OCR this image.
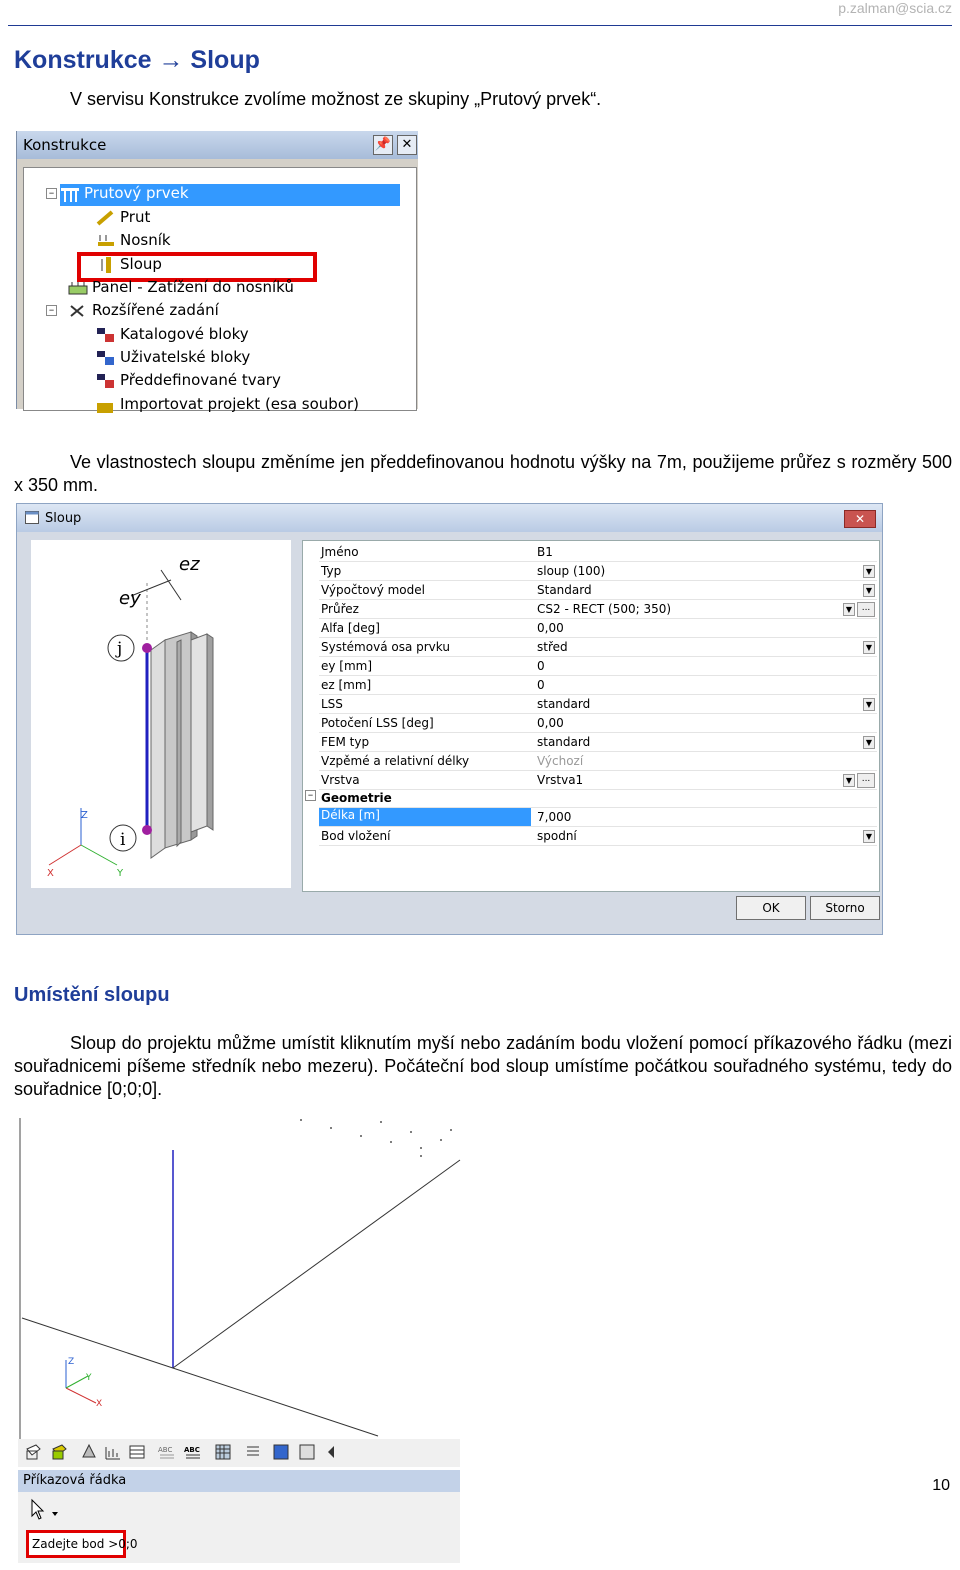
p.zalman@scia.cz
Konstrukce → Sloup
V servisu Konstrukce zvolíme možnost ze skupiny „Prutový prvek“.
Konstrukce	📌 ✕
−	Prutový prvek
Prut
Nosník
Sloup
Panel - Zatížení do nosníků
−	Rozšířené zadání
Katalogové bloky
Uživatelské bloky
Předdefinované tvary
Importovat projekt (esa soubor)
Ve vlastnostech sloupu změníme jen předdefinovanou hodnotu výšky na 7m, použijeme průřez s rozměry 500 x 350 mm.
Sloup	✕
ez
ey
j
i
Z
X	Y
Jméno	B1
Typ	sloup (100)	▼
Výpočtový model	Standard	▼
Průřez	CS2 - RECT (500; 350)	▼	...
Alfa [deg]	0,00
Systémová osa prvku	střed	▼
ey [mm]	0
ez [mm]	0
LSS	standard	▼
Potočení LSS [deg]	0,00
FEM typ	standard	▼
Vzpěmé a relativní délky	Výchozí
Vrstva	Vrstva1	▼	...
− Geometrie
Délka [m]	7,000
Bod vložení	spodní	▼
OK	Storno
Umístění sloupu
Sloup do projektu můžme umístit kliknutím myší nebo zadáním bodu vložení pomocí příkazového řádku (mezi souřadnicemi píšeme středník nebo mezeru). Počáteční bod sloup umístíme počátkou souřadného systému, tedy do souřadnice [0;0;0].
Z
Y
X
ABC ABC
Příkazová řádka
Zadejte bod >0;0
10
